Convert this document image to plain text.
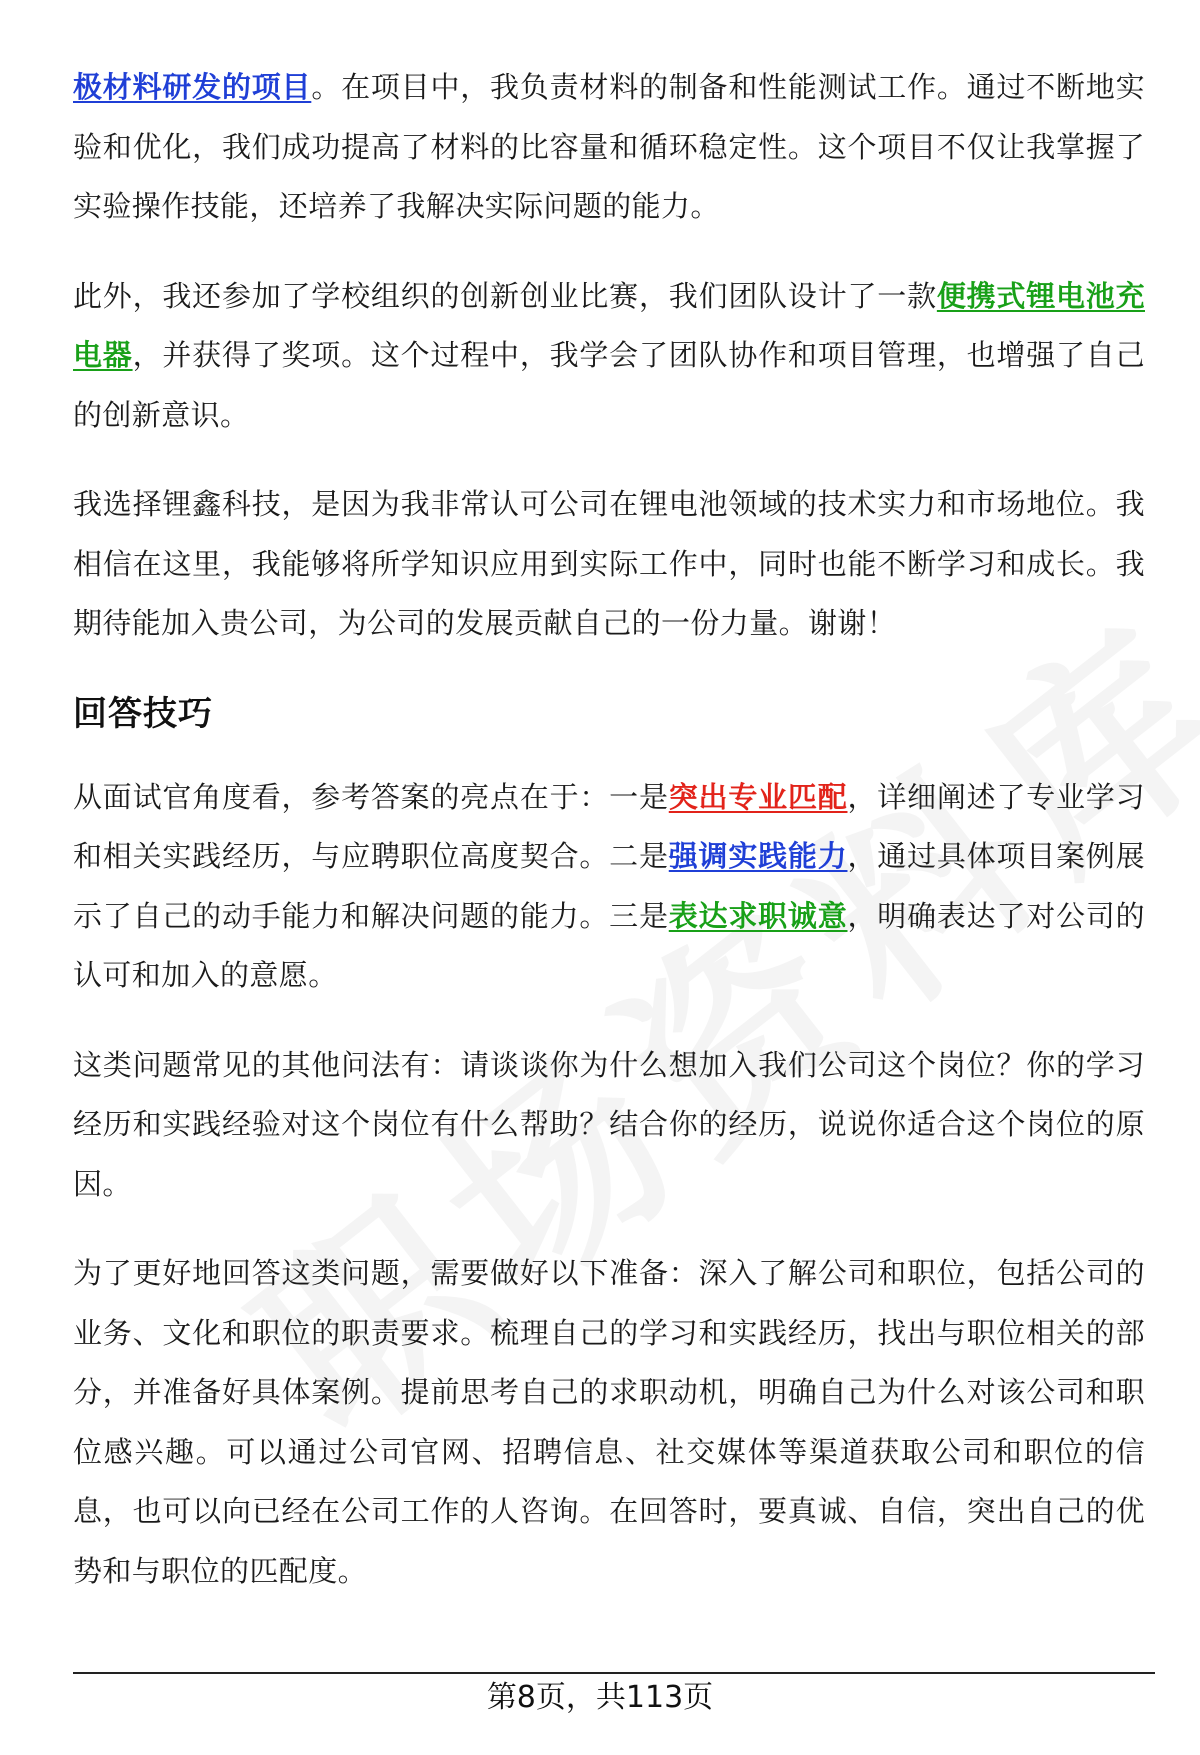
极材料研发的项目。在项目中，我负责材料的制备和性能测试工作。通过不断地实验和优化，我们成功提高了材料的比容量和循环稳定性。这个项目不仅让我掌握了实验操作技能，还培养了我解决实际问题的能力。

此外，我还参加了学校组织的创新创业比赛，我们团队设计了一款便携式锂电池充电器，并获得了奖项。这个过程中，我学会了团队协作和项目管理，也增强了自己的创新意识。

我选择锂鑫科技，是因为我非常认可公司在锂电池领域的技术实力和市场地位。我相信在这里，我能够将所学知识应用到实际工作中，同时也能不断学习和成长。我期待能加入贵公司，为公司的发展贡献自己的一份力量。谢谢！

回答技巧

从面试官角度看，参考答案的亮点在于：一是突出专业匹配，详细阐述了专业学习和相关实践经历，与应聘职位高度契合。二是强调实践能力，通过具体项目案例展示了自己的动手能力和解决问题的能力。三是表达求职诚意，明确表达了对公司的认可和加入的意愿。

这类问题常见的其他问法有：请谈谈你为什么想加入我们公司这个岗位？你的学习经历和实践经验对这个岗位有什么帮助？结合你的经历，说说你适合这个岗位的原因。

为了更好地回答这类问题，需要做好以下准备：深入了解公司和职位，包括公司的业务、文化和职位的职责要求。梳理自己的学习和实践经历，找出与职位相关的部分，并准备好具体案例。提前思考自己的求职动机，明确自己为什么对该公司和职位感兴趣。可以通过公司官网、招聘信息、社交媒体等渠道获取公司和职位的信息，也可以向已经在公司工作的人咨询。在回答时，要真诚、自信，突出自己的优势和与职位的匹配度。

第8页，共113页
